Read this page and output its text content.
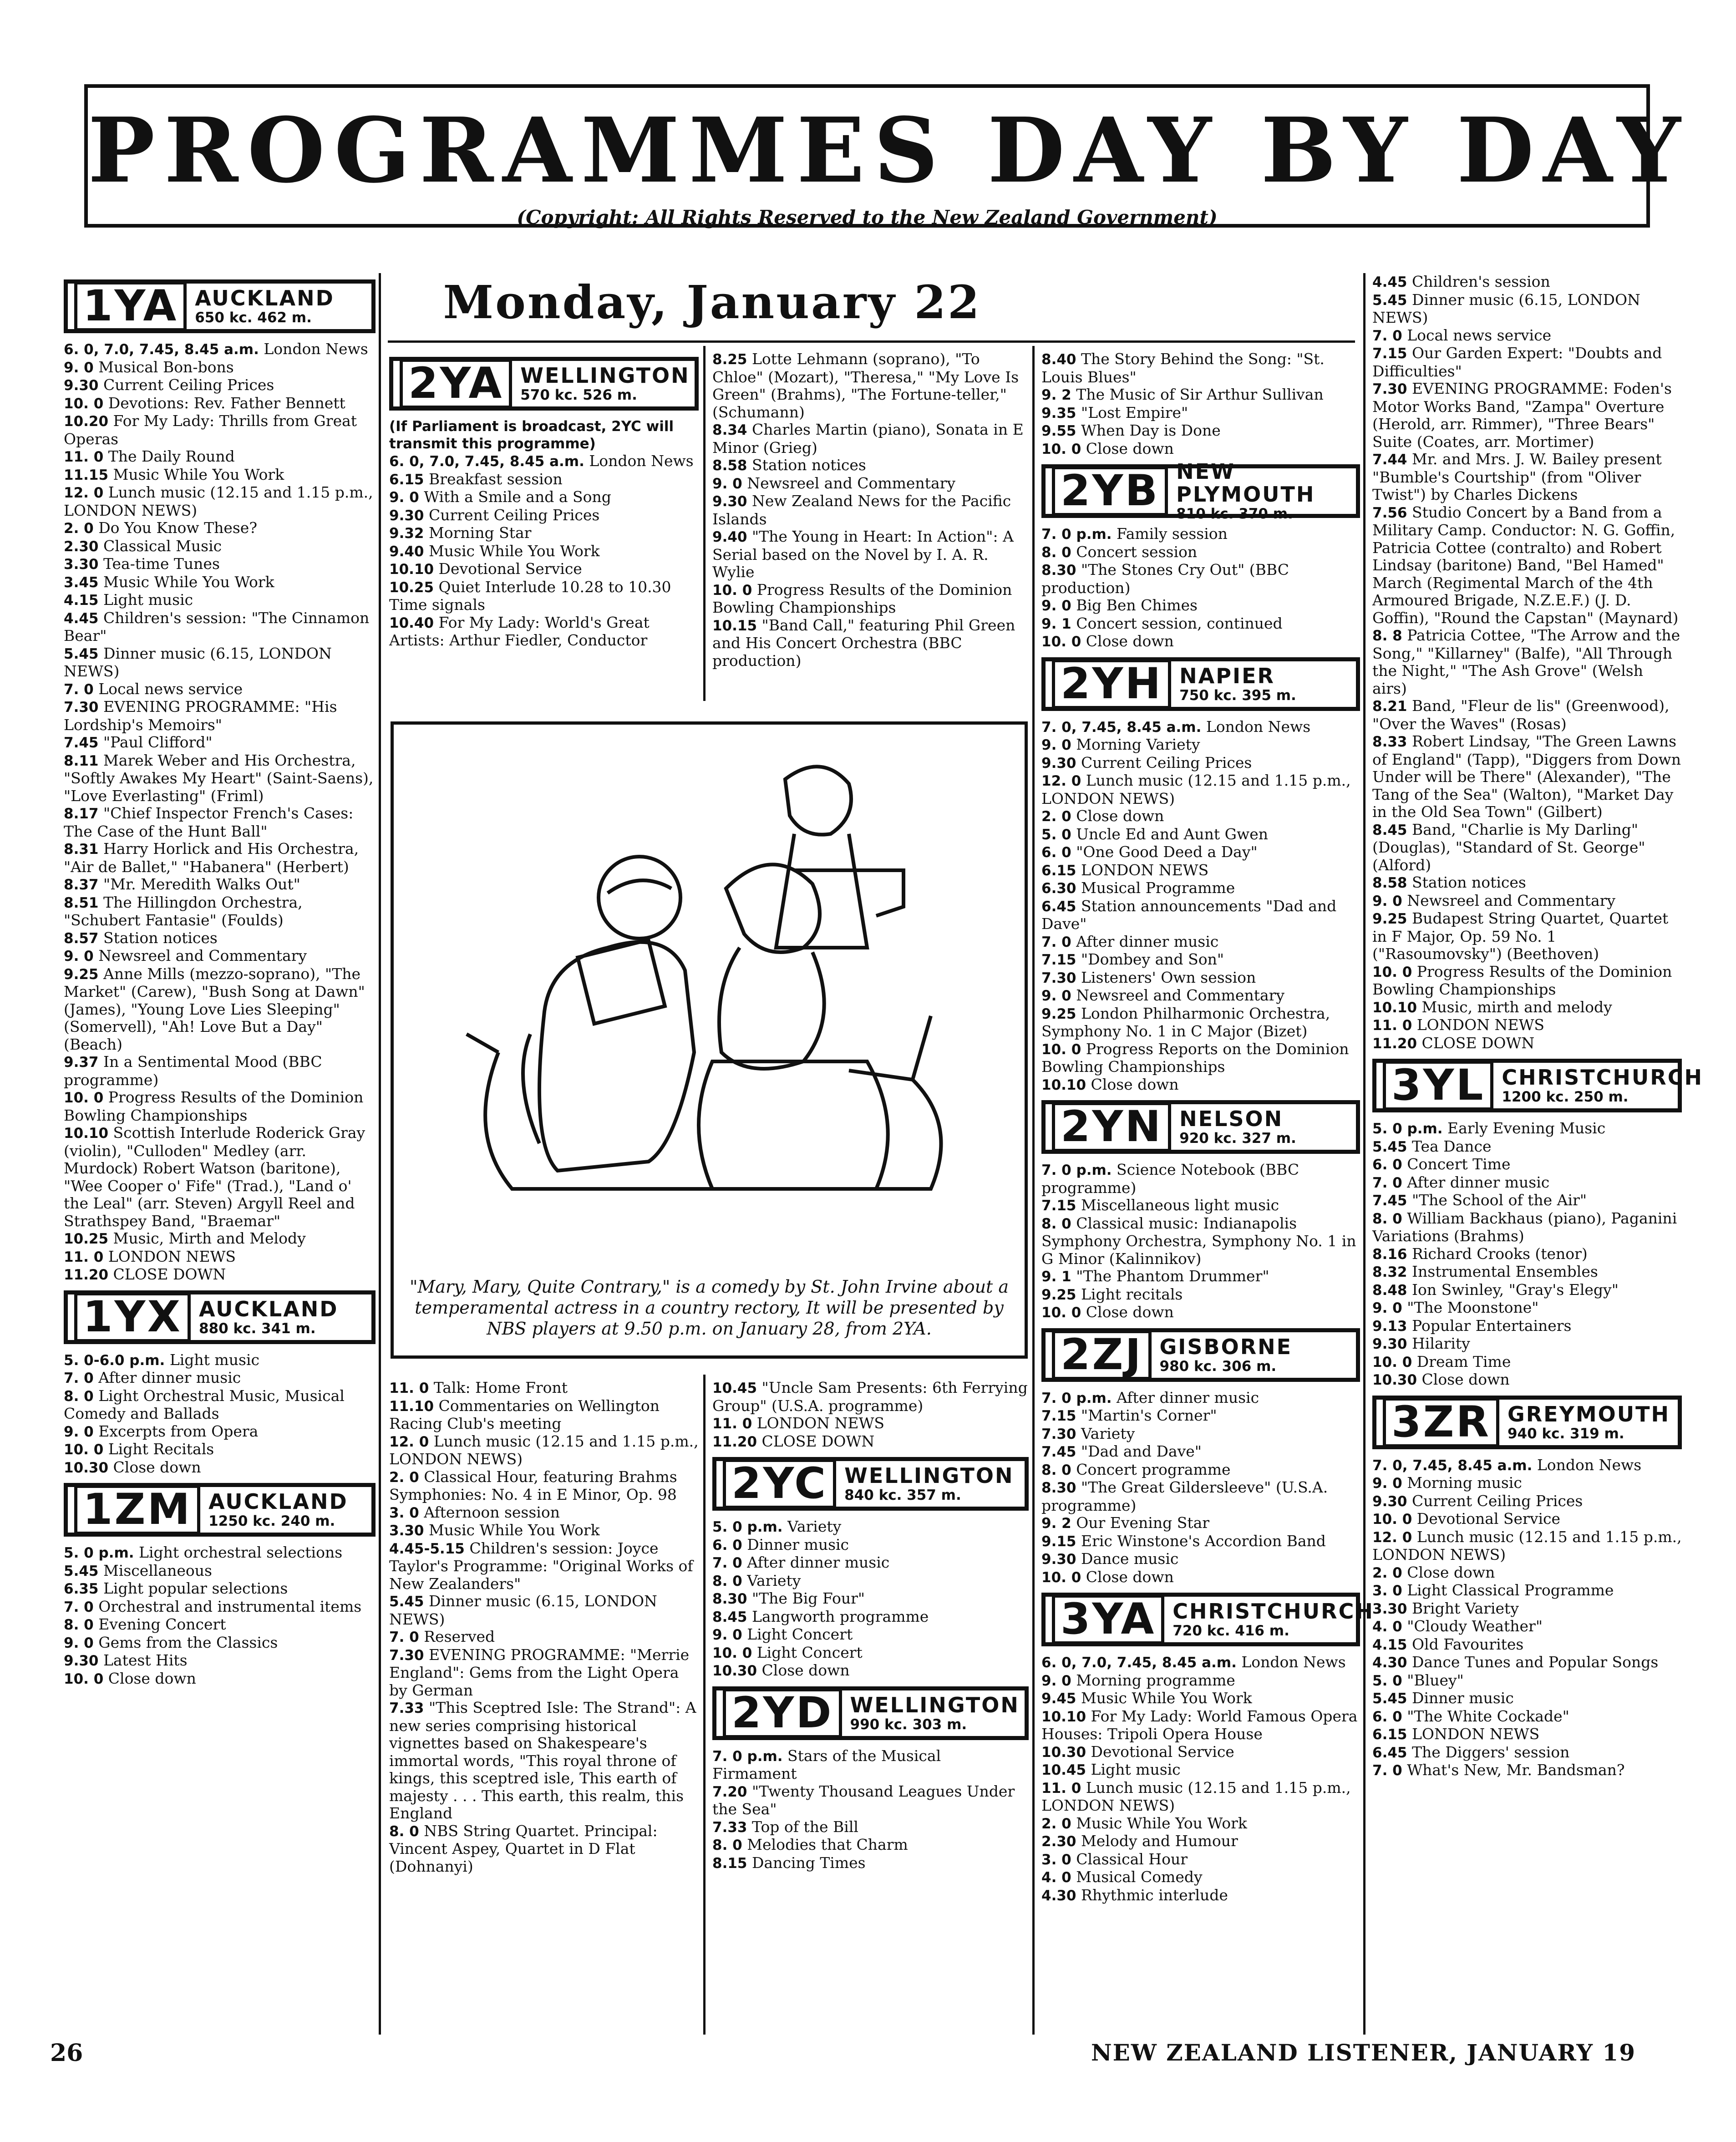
PROGRAMMES DAY BY DAY
(Copyright: All Rights Reserved to the New Zealand Government)
Monday, January 22
1YA AUCKLAND
650 kc. 462 m.
6. 0, 7.0, 7.45, 8.45 a.m. London News
9. 0 Musical Bon-bons
9.30 Current Ceiling Prices
10. 0 Devotions: Rev. Father Bennett
10.20 For My Lady: Thrills from Great Operas
11. 0 The Daily Round
11.15 Music While You Work
12. 0 Lunch music (12.15 and 1.15 p.m., LONDON NEWS)
2. 0 Do You Know These?
2.30 Classical Music
3.30 Tea-time Tunes
3.45 Music While You Work
4.15 Light music
4.45 Children's session: "The Cinnamon Bear"
5.45 Dinner music (6.15, LONDON NEWS)
7. 0 Local news service
7.30 EVENING PROGRAMME: "His Lordship's Memoirs"
7.45 "Paul Clifford"
8.11 Marek Weber and His Orchestra, "Softly Awakes My Heart" (Saint-Saens), "Love Everlasting" (Friml)
8.17 "Chief Inspector French's Cases: The Case of the Hunt Ball"
8.31 Harry Horlick and His Orchestra, "Air de Ballet," "Habanera" (Herbert)
8.37 "Mr. Meredith Walks Out"
8.51 The Hillingdon Orchestra, "Schubert Fantasie" (Foulds)
8.57 Station notices
9. 0 Newsreel and Commentary
9.25 Anne Mills (mezzo-soprano), "The Market" (Carew), "Bush Song at Dawn" (James), "Young Love Lies Sleeping" (Somervell), "Ah! Love But a Day" (Beach)
9.37 In a Sentimental Mood (BBC programme)
10. 0 Progress Results of the Dominion Bowling Championships
10.10 Scottish Interlude Roderick Gray (violin), "Culloden" Medley (arr. Murdock) Robert Watson (baritone), "Wee Cooper o' Fife" (Trad.), "Land o' the Leal" (arr. Steven) Argyll Reel and Strathspey Band, "Braemar"
10.25 Music, Mirth and Melody
11. 0 LONDON NEWS
11.20 CLOSE DOWN
1YX AUCKLAND
880 kc. 341 m.
5. 0-6.0 p.m. Light music
7. 0 After dinner music
8. 0 Light Orchestral Music, Musical Comedy and Ballads
9. 0 Excerpts from Opera
10. 0 Light Recitals
10.30 Close down
1ZM AUCKLAND
1250 kc. 240 m.
5. 0 p.m. Light orchestral selections
5.45 Miscellaneous
6.35 Light popular selections
7. 0 Orchestral and instrumental items
8. 0 Evening Concert
9. 0 Gems from the Classics
9.30 Latest Hits
10. 0 Close down
2YA WELLINGTON
570 kc. 526 m.
(If Parliament is broadcast, 2YC will transmit this programme)
6. 0, 7.0, 7.45, 8.45 a.m. London News
6.15 Breakfast session
9. 0 With a Smile and a Song
9.30 Current Ceiling Prices
9.32 Morning Star
9.40 Music While You Work
10.10 Devotional Service
10.25 Quiet Interlude 10.28 to 10.30 Time signals
10.40 For My Lady: World's Great Artists: Arthur Fiedler, Conductor
8.25 Lotte Lehmann (soprano), "To Chloe" (Mozart), "Theresa," "My Love Is Green" (Brahms), "The Fortune-teller," (Schumann)
8.34 Charles Martin (piano), Sonata in E Minor (Grieg)
8.58 Station notices
9. 0 Newsreel and Commentary
9.30 New Zealand News for the Pacific Islands
9.40 "The Young in Heart: In Action": A Serial based on the Novel by I. A. R. Wylie
10. 0 Progress Results of the Dominion Bowling Championships
10.15 "Band Call," featuring Phil Green and His Concert Orchestra (BBC production)
"Mary, Mary, Quite Contrary," is a comedy by St. John Irvine about a temperamental actress in a country rectory, It will be presented by NBS players at 9.50 p.m. on January 28, from 2YA.
11. 0 Talk: Home Front
11.10 Commentaries on Wellington Racing Club's meeting
12. 0 Lunch music (12.15 and 1.15 p.m., LONDON NEWS)
2. 0 Classical Hour, featuring Brahms Symphonies: No. 4 in E Minor, Op. 98
3. 0 Afternoon session
3.30 Music While You Work
4.45-5.15 Children's session: Joyce Taylor's Programme: "Original Works of New Zealanders"
5.45 Dinner music (6.15, LONDON NEWS)
7. 0 Reserved
7.30 EVENING PROGRAMME: "Merrie England": Gems from the Light Opera by German
7.33 "This Sceptred Isle: The Strand": A new series comprising historical vignettes based on Shakespeare's immortal words, "This royal throne of kings, this sceptred isle, This earth of majesty . . . This earth, this realm, this England
8. 0 NBS String Quartet. Principal: Vincent Aspey, Quartet in D Flat (Dohnanyi)
10.45 "Uncle Sam Presents: 6th Ferrying Group" (U.S.A. programme)
11. 0 LONDON NEWS
11.20 CLOSE DOWN
2YC WELLINGTON
840 kc. 357 m.
5. 0 p.m. Variety
6. 0 Dinner music
7. 0 After dinner music
8. 0 Variety
8.30 "The Big Four"
8.45 Langworth programme
9. 0 Light Concert
10. 0 Light Concert
10.30 Close down
2YD WELLINGTON
990 kc. 303 m.
7. 0 p.m. Stars of the Musical Firmament
7.20 "Twenty Thousand Leagues Under the Sea"
7.33 Top of the Bill
8. 0 Melodies that Charm
8.15 Dancing Times
8.40 The Story Behind the Song: "St. Louis Blues"
9. 2 The Music of Sir Arthur Sullivan
9.35 "Lost Empire"
9.55 When Day is Done
10. 0 Close down
2YB NEW PLYMOUTH
810 kc. 370 m.
7. 0 p.m. Family session
8. 0 Concert session
8.30 "The Stones Cry Out" (BBC production)
9. 0 Big Ben Chimes
9. 1 Concert session, continued
10. 0 Close down
2YH NAPIER
750 kc. 395 m.
7. 0, 7.45, 8.45 a.m. London News
9. 0 Morning Variety
9.30 Current Ceiling Prices
12. 0 Lunch music (12.15 and 1.15 p.m., LONDON NEWS)
2. 0 Close down
5. 0 Uncle Ed and Aunt Gwen
6. 0 "One Good Deed a Day"
6.15 LONDON NEWS
6.30 Musical Programme
6.45 Station announcements "Dad and Dave"
7. 0 After dinner music
7.15 "Dombey and Son"
7.30 Listeners' Own session
9. 0 Newsreel and Commentary
9.25 London Philharmonic Orchestra, Symphony No. 1 in C Major (Bizet)
10. 0 Progress Reports on the Dominion Bowling Championships
10.10 Close down
2YN NELSON
920 kc. 327 m.
7. 0 p.m. Science Notebook (BBC programme)
7.15 Miscellaneous light music
8. 0 Classical music: Indianapolis Symphony Orchestra, Symphony No. 1 in G Minor (Kalinnikov)
9. 1 "The Phantom Drummer"
9.25 Light recitals
10. 0 Close down
2ZJ GISBORNE
980 kc. 306 m.
7. 0 p.m. After dinner music
7.15 "Martin's Corner"
7.30 Variety
7.45 "Dad and Dave"
8. 0 Concert programme
8.30 "The Great Gildersleeve" (U.S.A. programme)
9. 2 Our Evening Star
9.15 Eric Winstone's Accordion Band
9.30 Dance music
10. 0 Close down
3YA CHRISTCHURCH
720 kc. 416 m.
6. 0, 7.0, 7.45, 8.45 a.m. London News
9. 0 Morning programme
9.45 Music While You Work
10.10 For My Lady: World Famous Opera Houses: Tripoli Opera House
10.30 Devotional Service
10.45 Light music
11. 0 Lunch music (12.15 and 1.15 p.m., LONDON NEWS)
2. 0 Music While You Work
2.30 Melody and Humour
3. 0 Classical Hour
4. 0 Musical Comedy
4.30 Rhythmic interlude
4.45 Children's session
5.45 Dinner music (6.15, LONDON NEWS)
7. 0 Local news service
7.15 Our Garden Expert: "Doubts and Difficulties"
7.30 EVENING PROGRAMME: Foden's Motor Works Band, "Zampa" Overture (Herold, arr. Rimmer), "Three Bears" Suite (Coates, arr. Mortimer)
7.44 Mr. and Mrs. J. W. Bailey present "Bumble's Courtship" (from "Oliver Twist") by Charles Dickens
7.56 Studio Concert by a Band from a Military Camp. Conductor: N. G. Goffin, Patricia Cottee (contralto) and Robert Lindsay (baritone) Band, "Bel Hamed" March (Regimental March of the 4th Armoured Brigade, N.Z.E.F.) (J. D. Goffin), "Round the Capstan" (Maynard)
8. 8 Patricia Cottee, "The Arrow and the Song," "Killarney" (Balfe), "All Through the Night," "The Ash Grove" (Welsh airs)
8.21 Band, "Fleur de lis" (Greenwood), "Over the Waves" (Rosas)
8.33 Robert Lindsay, "The Green Lawns of England" (Tapp), "Diggers from Down Under will be There" (Alexander), "The Tang of the Sea" (Walton), "Market Day in the Old Sea Town" (Gilbert)
8.45 Band, "Charlie is My Darling" (Douglas), "Standard of St. George" (Alford)
8.58 Station notices
9. 0 Newsreel and Commentary
9.25 Budapest String Quartet, Quartet in F Major, Op. 59 No. 1 ("Rasoumovsky") (Beethoven)
10. 0 Progress Results of the Dominion Bowling Championships
10.10 Music, mirth and melody
11. 0 LONDON NEWS
11.20 CLOSE DOWN
3YL CHRISTCHURCH
1200 kc. 250 m.
5. 0 p.m. Early Evening Music
5.45 Tea Dance
6. 0 Concert Time
7. 0 After dinner music
7.45 "The School of the Air"
8. 0 William Backhaus (piano), Paganini Variations (Brahms)
8.16 Richard Crooks (tenor)
8.32 Instrumental Ensembles
8.48 Ion Swinley, "Gray's Elegy"
9. 0 "The Moonstone"
9.13 Popular Entertainers
9.30 Hilarity
10. 0 Dream Time
10.30 Close down
3ZR GREYMOUTH
940 kc. 319 m.
7. 0, 7.45, 8.45 a.m. London News
9. 0 Morning music
9.30 Current Ceiling Prices
10. 0 Devotional Service
12. 0 Lunch music (12.15 and 1.15 p.m., LONDON NEWS)
2. 0 Close down
3. 0 Light Classical Programme
3.30 Bright Variety
4. 0 "Cloudy Weather"
4.15 Old Favourites
4.30 Dance Tunes and Popular Songs
5. 0 "Bluey"
5.45 Dinner music
6. 0 "The White Cockade"
6.15 LONDON NEWS
6.45 The Diggers' session
7. 0 What's New, Mr. Bandsman?
26	NEW ZEALAND LISTENER, JANUARY 19
